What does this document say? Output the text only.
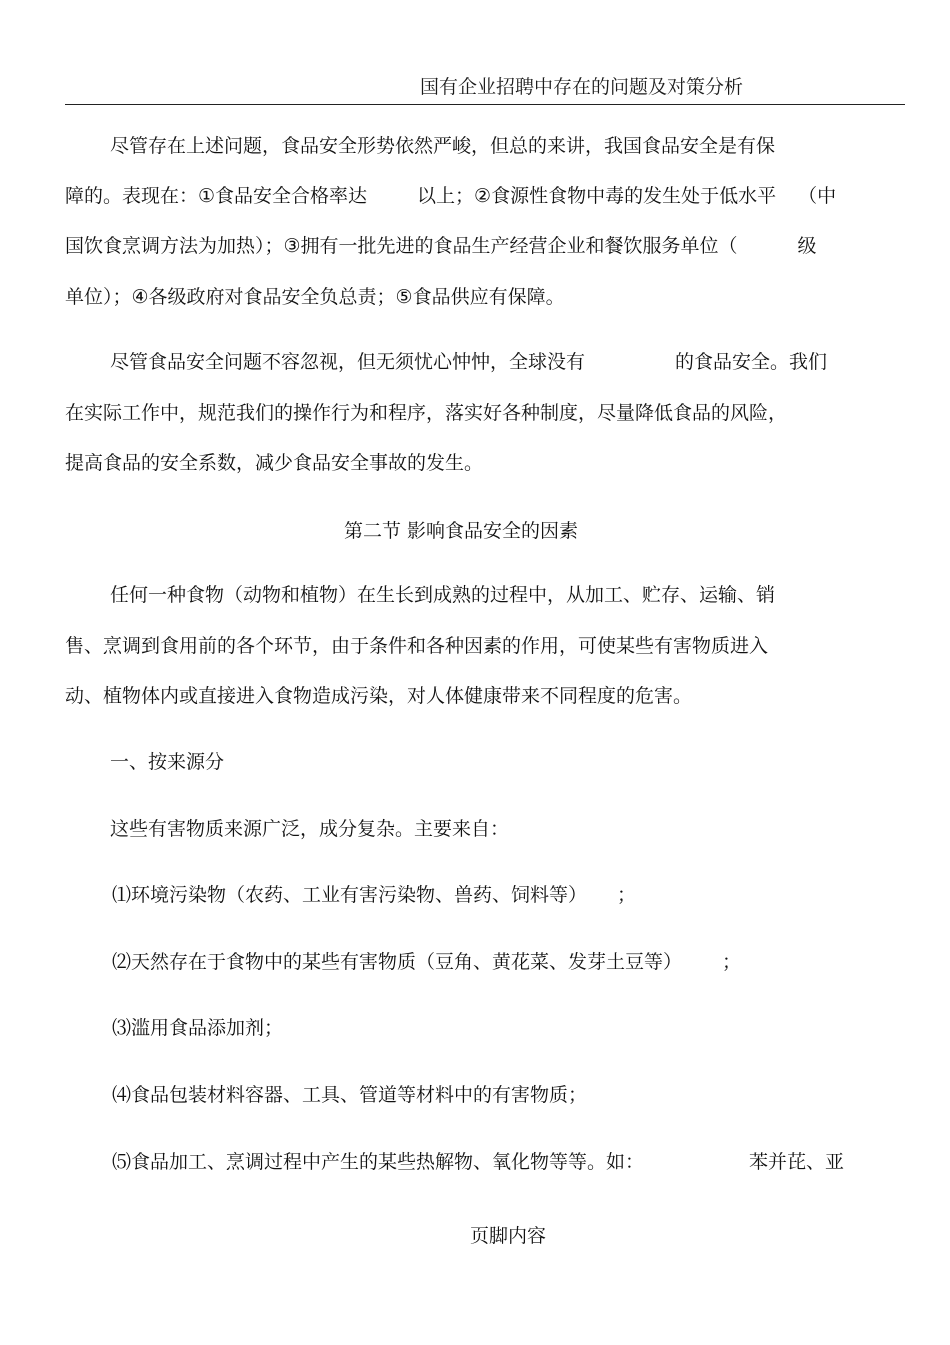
国有企业招聘中存在的问题及对策分析
尽管存在上述问题，食品安全形势依然严峻，但总的来讲，我国食品安全是有保
障的。表现在：①食品安全合格率达	以上；②食源性食物中毒的发生处于低水平 （中
国饮食烹调方法为加热）；③拥有一批先进的食品生产经营企业和餐饮服务单位（	级
单位）；④各级政府对食品安全负总责；⑤食品供应有保障。
尽管食品安全问题不容忽视，但无须忧心忡忡，全球没有	的食品安全。我们
在实际工作中，规范我们的操作行为和程序，落实好各种制度，尽量降低食品的风险，
提高食品的安全系数，减少食品安全事故的发生。
第二节 影响食品安全的因素
任何一种食物（动物和植物）在生长到成熟的过程中，从加工、贮存、运输、销
售、烹调到食用前的各个环节，由于条件和各种因素的作用，可使某些有害物质进入
动、植物体内或直接进入食物造成污染，对人体健康带来不同程度的危害。
一、按来源分
这些有害物质来源广泛，成分复杂。主要来自：
⑴环境污染物（农药、工业有害污染物、兽药、饲料等） ；
⑵天然存在于食物中的某些有害物质（豆角、黄花菜、发芽土豆等） ；
⑶滥用食品添加剂；
⑷食品包装材料容器、工具、管道等材料中的有害物质；
⑸食品加工、烹调过程中产生的某些热解物、氧化物等等。如：	苯并芘、亚
页脚内容
